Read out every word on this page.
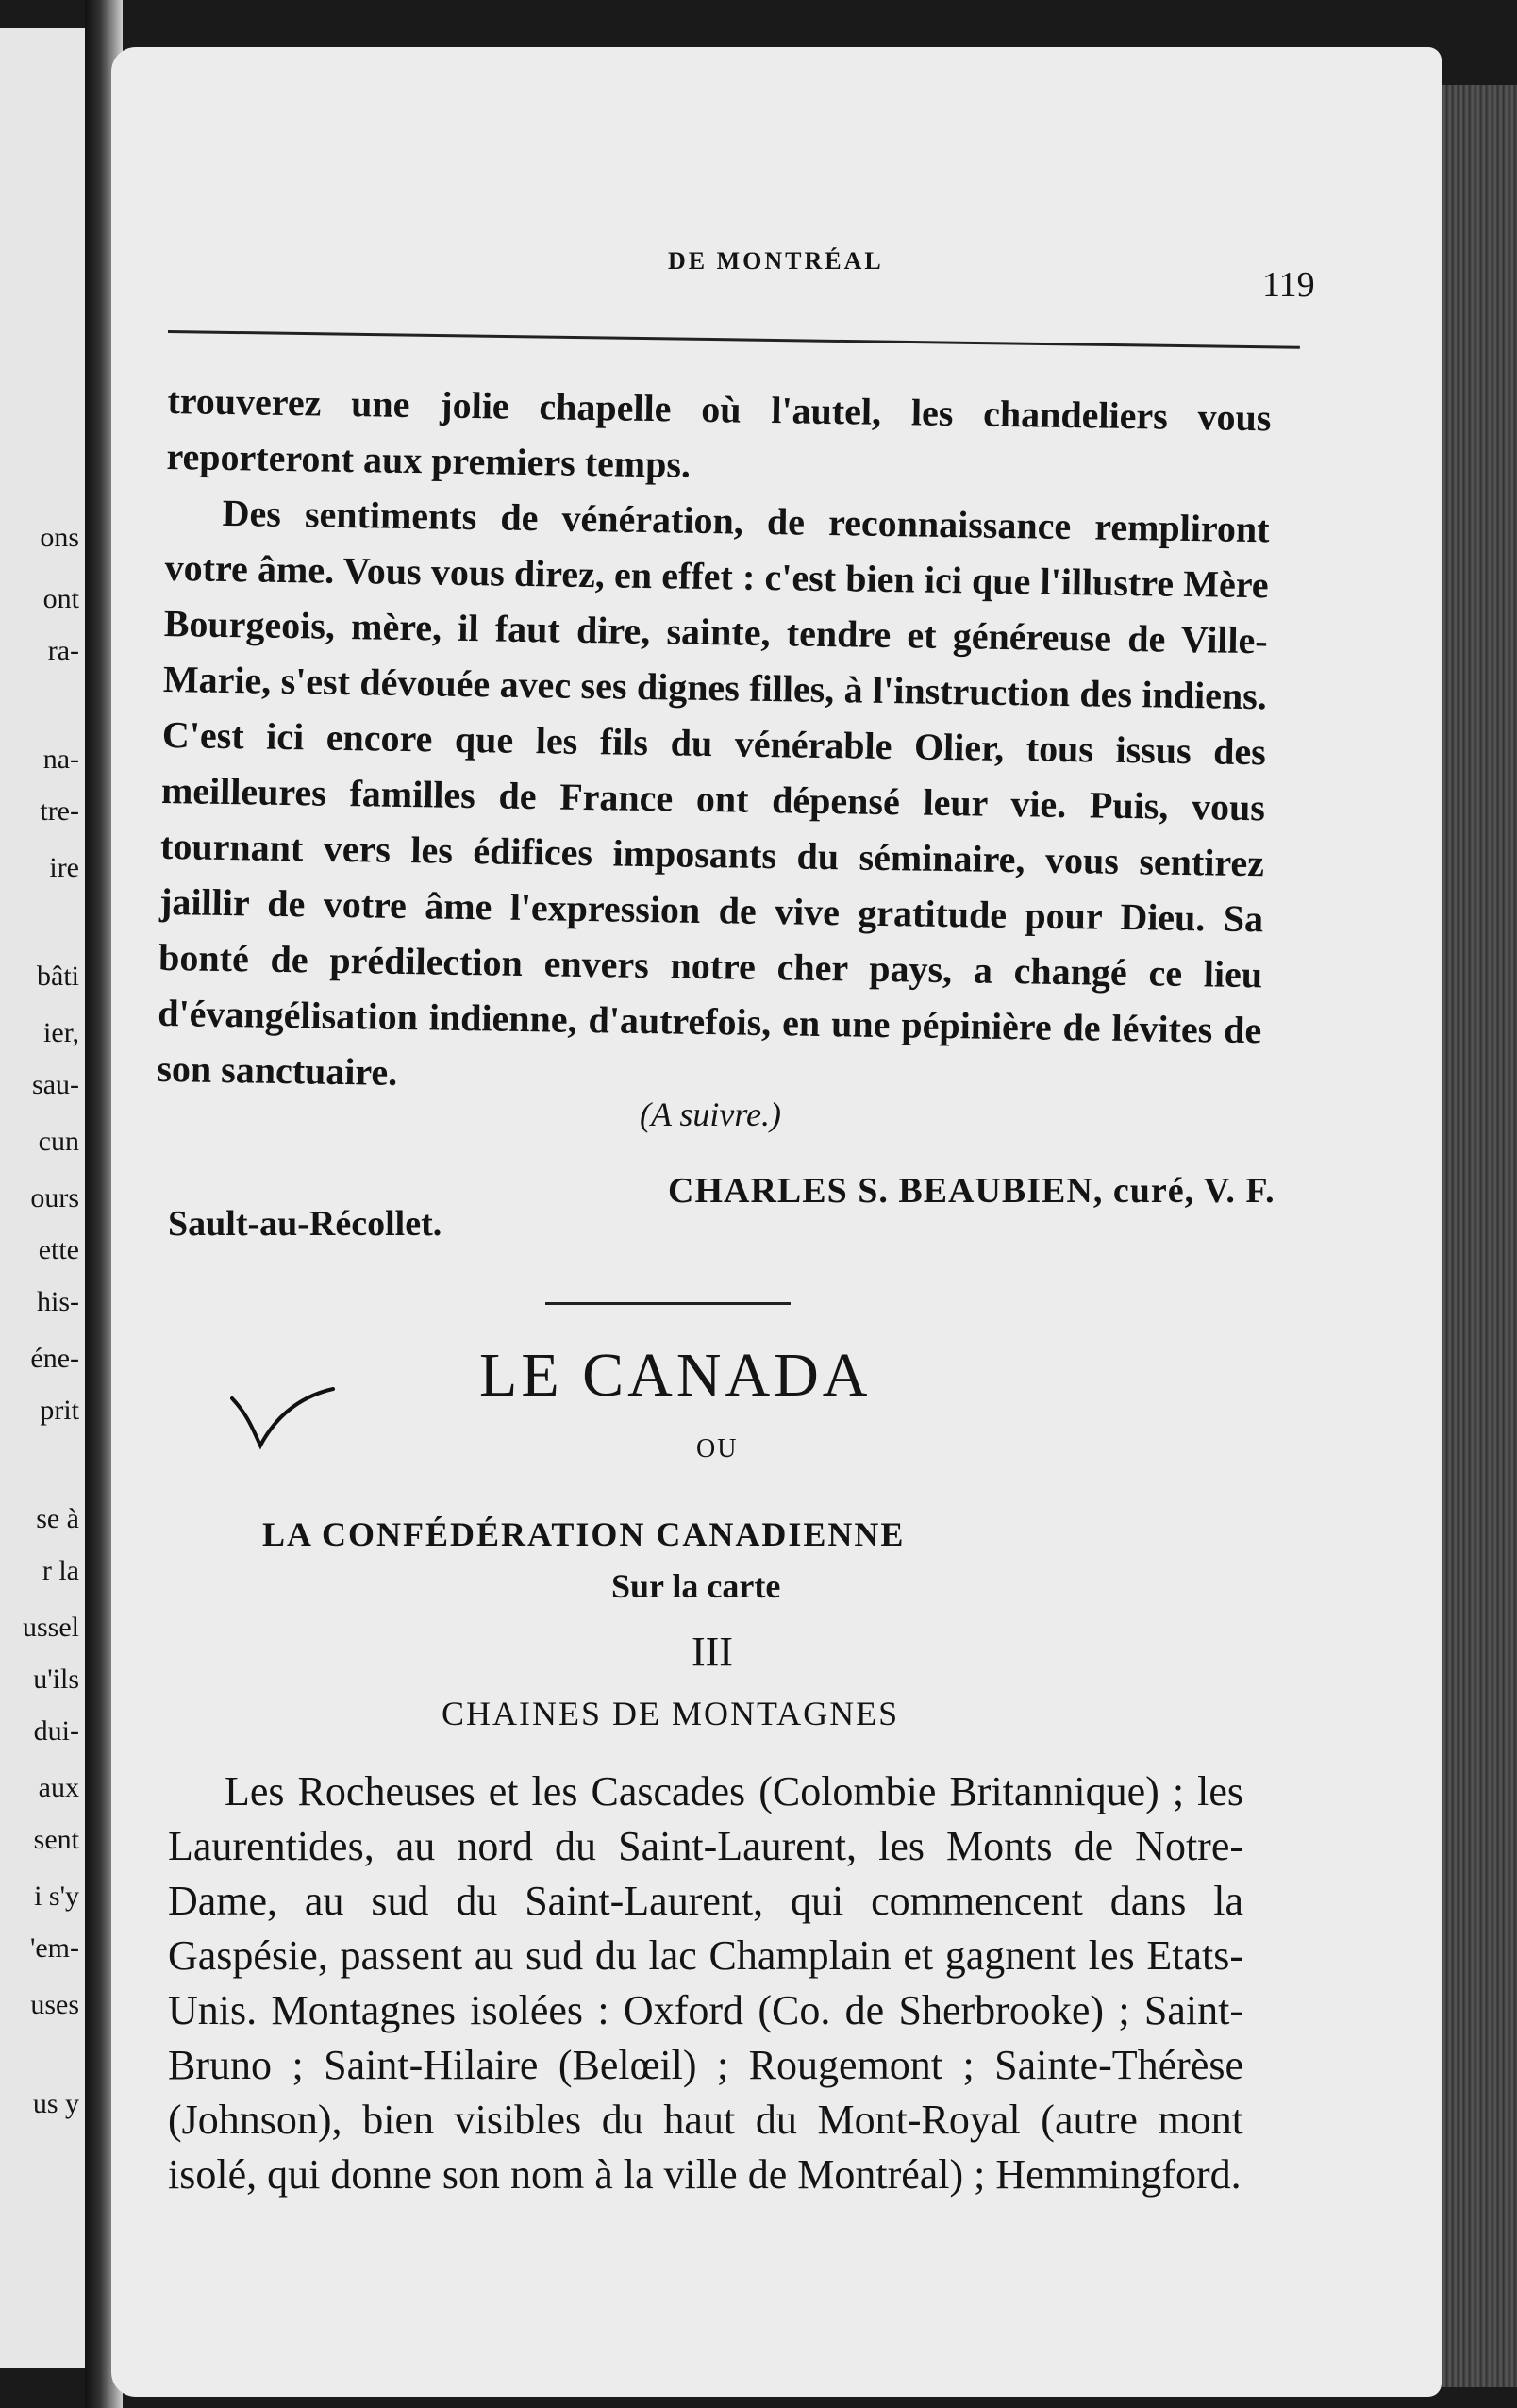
ons
ont
ra-
na-
tre-
ire
bâti
ier,
sau-
cun
ours
ette
his-
éne-
prit
se à
r la
ussel
u'ils
dui-
aux
sent
i s'y
'em-
uses
us y
DE MONTRÉAL
119

trouverez une jolie chapelle où l'autel, les chandeliers vous reporteront aux premiers temps.

Des sentiments de vénération, de reconnaissance rempliront votre âme. Vous vous direz, en effet : c'est bien ici que l'illustre Mère Bourgeois, mère, il faut dire, sainte, tendre et généreuse de Ville-Marie, s'est dévouée avec ses dignes filles, à l'instruction des indiens. C'est ici encore que les fils du vénérable Olier, tous issus des meilleures familles de France ont dépensé leur vie. Puis, vous tournant vers les édifices imposants du séminaire, vous sentirez jaillir de votre âme l'expression de vive gratitude pour Dieu. Sa bonté de prédilection envers notre cher pays, a changé ce lieu d'évangélisation indienne, d'autrefois, en une pépinière de lévites de son sanctuaire.

(A suivre.)
CHARLES S. BEAUBIEN, curé, V. F.
Sault-au-Récollet.
LE CANADA
OU
LA CONFÉDÉRATION CANADIENNE
Sur la carte
III
CHAINES DE MONTAGNES

Les Rocheuses et les Cascades (Colombie Britannique) ; les Laurentides, au nord du Saint-Laurent, les Monts de Notre-Dame, au sud du Saint-Laurent, qui commencent dans la Gaspésie, passent au sud du lac Champlain et gagnent les Etats-Unis. Montagnes isolées : Oxford (Co. de Sherbrooke) ; Saint-Bruno ; Saint-Hilaire (Belœil) ; Rougemont ; Sainte-Thérèse (Johnson), bien visibles du haut du Mont-Royal (autre mont isolé, qui donne son nom à la ville de Montréal) ; Hemmingford.
